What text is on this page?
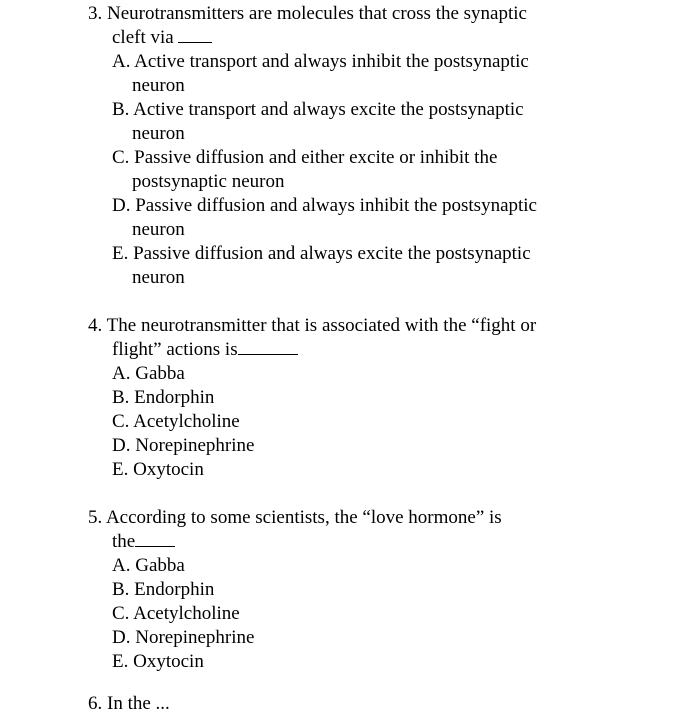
3. Neurotransmitters are molecules that cross the synaptic
cleft via
A. Active transport and always inhibit the postsynaptic
neuron
B. Active transport and always excite the postsynaptic
neuron
C. Passive diffusion and either excite or inhibit the
postsynaptic neuron
D. Passive diffusion and always inhibit the postsynaptic
neuron
E. Passive diffusion and always excite the postsynaptic
neuron
4. The neurotransmitter that is associated with the “fight or
flight” actions is
A. Gabba
B. Endorphin
C. Acetylcholine
D. Norepinephrine
E. Oxytocin
5. According to some scientists, the “love hormone” is
the
A. Gabba
B. Endorphin
C. Acetylcholine
D. Norepinephrine
E. Oxytocin
6. In the ...
